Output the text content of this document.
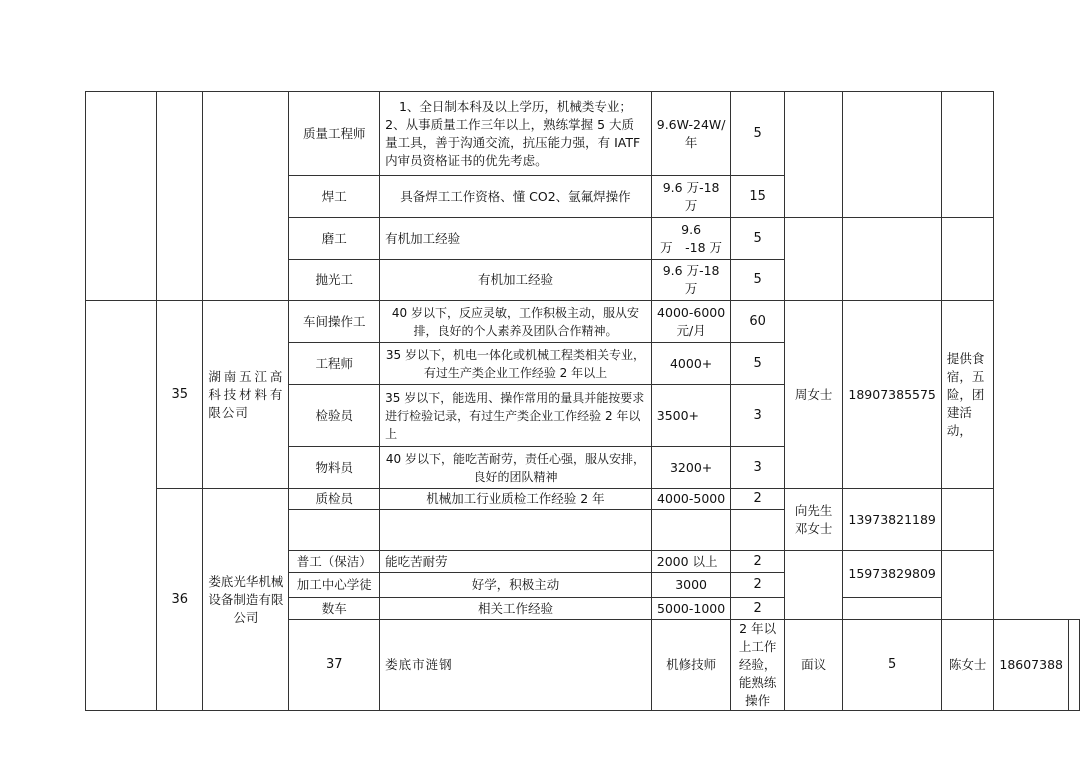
			质量工程师	1、全日制本科及以上学历，机械类专业；
2、从事质量工作三年以上，熟练掌握 5 大质量工具，善于沟通交流，抗压能力强，有 IATF 内审员资格证书的优先考虑。	9.6W-24W/年	5					
			焊工	具备焊工工作资格、懂 CO2、氩氟焊操作	9.6 万-18 万	15					
			磨工	有机加工经验	9.6　万　-18 万	5					
			抛光工	有机加工经验	9.6 万-18 万	5					
	35	湖南五江高科技材料有限公司	车间操作工	40 岁以下，反应灵敏，工作积极主动，服从安排，良好的个人素养及团队合作精神。	4000-6000元/月	60	周女士	18907385575	提供食宿，五险，团建活动，		
			工程师	35 岁以下，机电一体化或机械工程类相关专业，有过生产类企业工作经验 2 年以上	4000+	5					
			检验员	35 岁以下，能选用、操作常用的量具并能按要求进行检验记录，有过生产类企业工作经验 2 年以上	3500+	3					
			物料员	40 岁以下，能吃苦耐劳，责任心强，服从安排，良好的团队精神	3200+	3					
	36	娄底光华机械设备制造有限公司	质检员	机械加工行业质检工作经验 2 年	4000-5000	2	向先生邓女士	13973821189			

			普工（保洁）	能吃苦耐劳	2000 以上	2		15973829809			
			加工中心学徒	好学，积极主动	3000	2					
			数车	相关工作经验	5000-1000	2					
			37	娄底市涟钢	机修技师	2 年以上工作经验，能熟练操作	面议	5	陈女士	18607388	
